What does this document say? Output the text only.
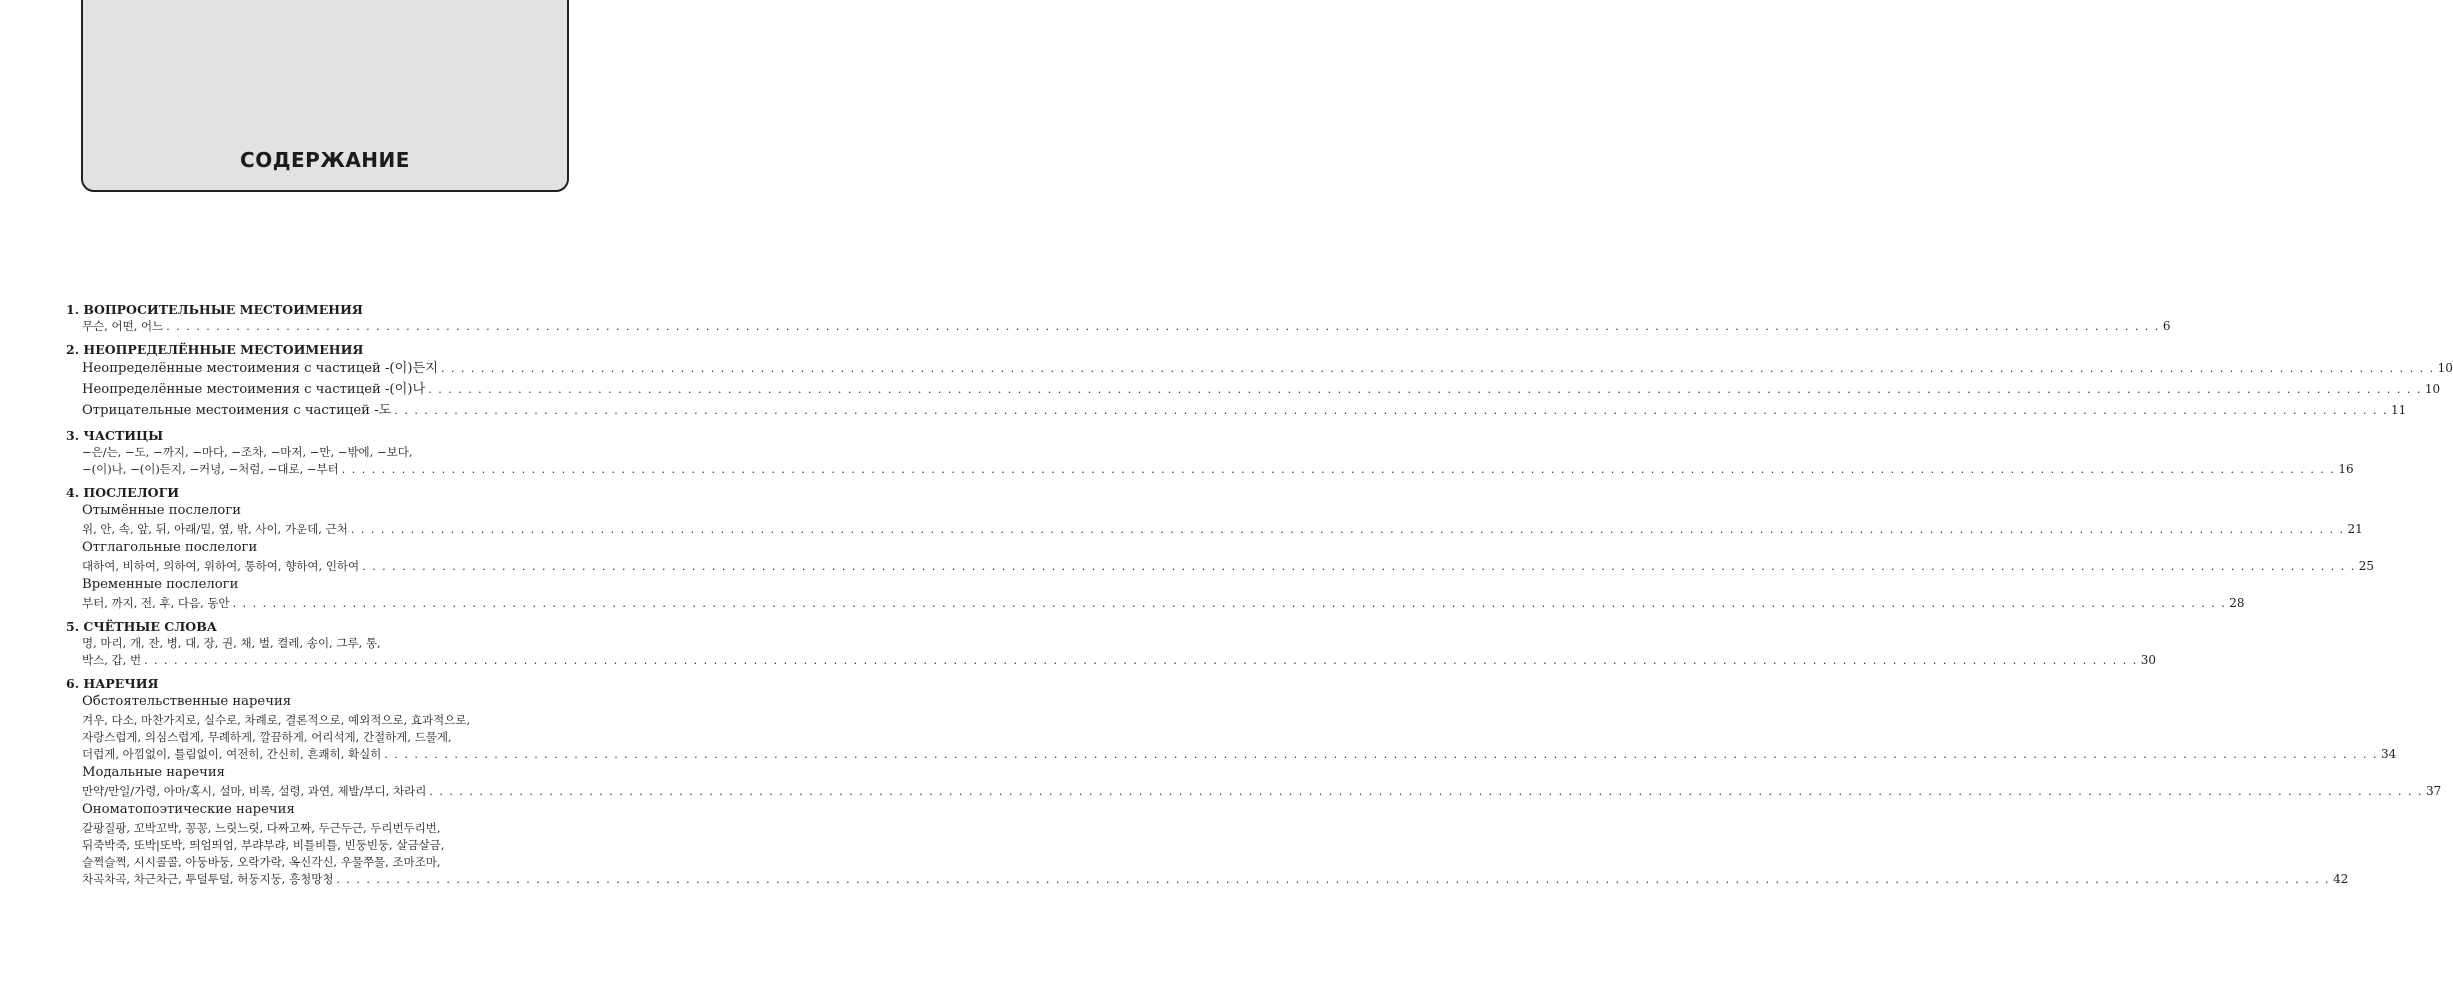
СОДЕРЖАНИЕ
1. ВОПРОСИТЕЛЬНЫЕ МЕСТОИМЕНИЯ
무슨, 어떤, 어느 . . . . . . . . . . . . . . . . . . . . . . . . . . . . . . . . . . . . . . . . . . . . . . . . . . . . . . . . . . . . . . . . . . . . . . . . . . . . . . . . . . . . . . . . . . . . . . . . . . . . . . . . . . . . . . . . . . . . . . . . . . . . . . . . . . . . . . . . . . . . . . . . . . . . . . . . . . . . . . . . . . . . . . . . . . . . . . . . . . . . . . . . . . . . . . . . . . . . . . . . 6
2. НЕОПРЕДЕЛЁННЫЕ МЕСТОИМЕНИЯ
Неопределённые местоимения с частицей -(이)든지 . . . . . . . . . . . . . . . . . . . . . . . . . . . . . . . . . . . . . . . . . . . . . . . . . . . . . . . . . . . . . . . . . . . . . . . . . . . . . . . . . . . . . . . . . . . . . . . . . . . . . . . . . . . . . . . . . . . . . . . . . . . . . . . . . . . . . . . . . . . . . . . . . . . . . . . . . . . . . . . . . . . . . . . . . . . . . . . . . . . . . . . . . . . . . . . . . . . . . . . . 10
Неопределённые местоимения с частицей -(이)나 . . . . . . . . . . . . . . . . . . . . . . . . . . . . . . . . . . . . . . . . . . . . . . . . . . . . . . . . . . . . . . . . . . . . . . . . . . . . . . . . . . . . . . . . . . . . . . . . . . . . . . . . . . . . . . . . . . . . . . . . . . . . . . . . . . . . . . . . . . . . . . . . . . . . . . . . . . . . . . . . . . . . . . . . . . . . . . . . . . . . . . . . . . . . . . . . . . . . . . . . 10
Отрицательные местоимения с частицей -도 . . . . . . . . . . . . . . . . . . . . . . . . . . . . . . . . . . . . . . . . . . . . . . . . . . . . . . . . . . . . . . . . . . . . . . . . . . . . . . . . . . . . . . . . . . . . . . . . . . . . . . . . . . . . . . . . . . . . . . . . . . . . . . . . . . . . . . . . . . . . . . . . . . . . . . . . . . . . . . . . . . . . . . . . . . . . . . . . . . . . . . . . . . . . . . . . . . . . . . . . 11
3. ЧАСТИЦЫ
−은/는, −도, −까지, −마다, −조차, −마저, −만, −밖에, −보다,
−(이)나, −(이)든지, −커녕, −처럼, −대로, −부터 . . . . . . . . . . . . . . . . . . . . . . . . . . . . . . . . . . . . . . . . . . . . . . . . . . . . . . . . . . . . . . . . . . . . . . . . . . . . . . . . . . . . . . . . . . . . . . . . . . . . . . . . . . . . . . . . . . . . . . . . . . . . . . . . . . . . . . . . . . . . . . . . . . . . . . . . . . . . . . . . . . . . . . . . . . . . . . . . . . . . . . . . . . . . . . . . . . . . . . . . 16
4. ПОСЛЕЛОГИ
Отымённые послелоги
위, 안, 속, 앞, 뒤, 아래/밑, 옆, 밖, 사이, 가운데, 근처 . . . . . . . . . . . . . . . . . . . . . . . . . . . . . . . . . . . . . . . . . . . . . . . . . . . . . . . . . . . . . . . . . . . . . . . . . . . . . . . . . . . . . . . . . . . . . . . . . . . . . . . . . . . . . . . . . . . . . . . . . . . . . . . . . . . . . . . . . . . . . . . . . . . . . . . . . . . . . . . . . . . . . . . . . . . . . . . . . . . . . . . . . . . . . . . . . . . . . . . . 21
Отглагольные послелоги
대하여, 비하여, 의하여, 위하여, 통하여, 향하여, 인하여 . . . . . . . . . . . . . . . . . . . . . . . . . . . . . . . . . . . . . . . . . . . . . . . . . . . . . . . . . . . . . . . . . . . . . . . . . . . . . . . . . . . . . . . . . . . . . . . . . . . . . . . . . . . . . . . . . . . . . . . . . . . . . . . . . . . . . . . . . . . . . . . . . . . . . . . . . . . . . . . . . . . . . . . . . . . . . . . . . . . . . . . . . . . . . . . . . . . . . . . . 25
Временные послелоги
부터, 까지, 전, 후, 다음, 동안 . . . . . . . . . . . . . . . . . . . . . . . . . . . . . . . . . . . . . . . . . . . . . . . . . . . . . . . . . . . . . . . . . . . . . . . . . . . . . . . . . . . . . . . . . . . . . . . . . . . . . . . . . . . . . . . . . . . . . . . . . . . . . . . . . . . . . . . . . . . . . . . . . . . . . . . . . . . . . . . . . . . . . . . . . . . . . . . . . . . . . . . . . . . . . . . . . . . . . . . . 28
5. СЧЁТНЫЕ СЛОВА
명, 마리, 개, 잔, 병, 대, 장, 권, 채, 벌, 켤레, 송이, 그루, 통,
박스, 갑, 번 . . . . . . . . . . . . . . . . . . . . . . . . . . . . . . . . . . . . . . . . . . . . . . . . . . . . . . . . . . . . . . . . . . . . . . . . . . . . . . . . . . . . . . . . . . . . . . . . . . . . . . . . . . . . . . . . . . . . . . . . . . . . . . . . . . . . . . . . . . . . . . . . . . . . . . . . . . . . . . . . . . . . . . . . . . . . . . . . . . . . . . . . . . . . . . . . . . . . . . . . 30
6. НАРЕЧИЯ
Обстоятельственные наречия
겨우, 다소, 마찬가지로, 실수로, 차례로, 결론적으로, 예외적으로, 효과적으로,
자랑스럽게, 의심스럽게, 무례하게, 깔끔하게, 어리석게, 간절하게, 드물게,
더럽게, 아낌없이, 틀림없이, 여전히, 간신히, 흔쾌히, 확실히 . . . . . . . . . . . . . . . . . . . . . . . . . . . . . . . . . . . . . . . . . . . . . . . . . . . . . . . . . . . . . . . . . . . . . . . . . . . . . . . . . . . . . . . . . . . . . . . . . . . . . . . . . . . . . . . . . . . . . . . . . . . . . . . . . . . . . . . . . . . . . . . . . . . . . . . . . . . . . . . . . . . . . . . . . . . . . . . . . . . . . . . . . . . . . . . . . . . . . . . . 34
Модальные наречия
만약/만일/가령, 아마/혹시, 설마, 비록, 설령, 과연, 제발/부디, 차라리 . . . . . . . . . . . . . . . . . . . . . . . . . . . . . . . . . . . . . . . . . . . . . . . . . . . . . . . . . . . . . . . . . . . . . . . . . . . . . . . . . . . . . . . . . . . . . . . . . . . . . . . . . . . . . . . . . . . . . . . . . . . . . . . . . . . . . . . . . . . . . . . . . . . . . . . . . . . . . . . . . . . . . . . . . . . . . . . . . . . . . . . . . . . . . . . . . . . . . . . . 37
Ономатопоэтические наречия
갈팡질팡, 꼬박꼬박, 꽁꽁, 느릿느릿, 다짜고짜, 두근두근, 두리번두리번,
뒤죽박죽, 또박|또박, 띄엄띄엄, 부랴부랴, 비틀비틀, 빈둥빈둥, 살금살금,
슬쩍슬쩍, 시시콜콜, 아둥바둥, 오락가락, 옥신각신, 우물쭈물, 조마조마,
차곡차곡, 차근차근, 투덜투덜, 허둥지둥, 흥청망청 . . . . . . . . . . . . . . . . . . . . . . . . . . . . . . . . . . . . . . . . . . . . . . . . . . . . . . . . . . . . . . . . . . . . . . . . . . . . . . . . . . . . . . . . . . . . . . . . . . . . . . . . . . . . . . . . . . . . . . . . . . . . . . . . . . . . . . . . . . . . . . . . . . . . . . . . . . . . . . . . . . . . . . . . . . . . . . . . . . . . . . . . . . . . . . . . . . . . . . . . 42
